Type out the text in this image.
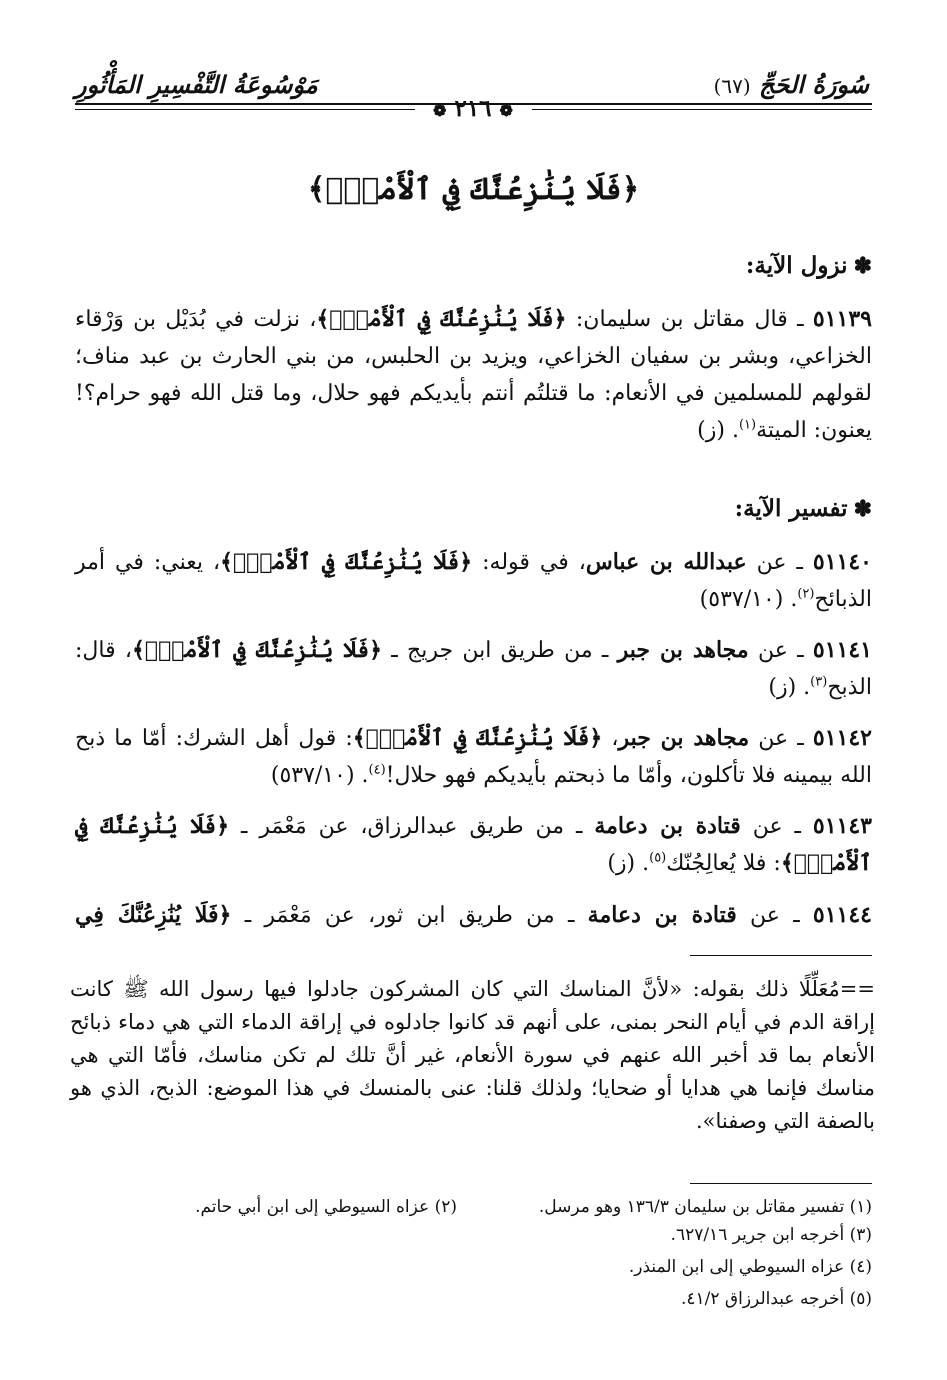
سُورَةُ الحَجِّ (٦٧)
مَوْسُوعَةُ التَّفْسِيرِ المَأْثُورِ
❁ ٢١٦ ❁
﴿فَلَا يُنَٰزِعُنَّكَ فِي ٱلْأَمْرِۚ﴾
✽نزول الآية:
٥١١٣٩ ـ قال مقاتل بن سليمان: ﴿فَلَا يُنَٰزِعُنَّكَ فِي ٱلْأَمْرِۚ﴾، نزلت في بُدَيْل بن وَرْقاء الخزاعي، وبشر بن سفيان الخزاعي، ويزيد بن الحلبس، من بني الحارث بن عبد مناف؛ لقولهم للمسلمين في الأنعام: ما قتلتُم أنتم بأيديكم فهو حلال، وما قتل الله فهو حرام؟! يعنون: الميتة$^{(١)}$. (ز)
✽تفسير الآية:
٥١١٤٠ ـ عن عبدالله بن عباس، في قوله: ﴿فَلَا يُنَٰزِعُنَّكَ فِي ٱلْأَمْرِۚ﴾، يعني: في أمر الذبائح$^{(٢)}$. (٥٣٧/١٠)
٥١١٤١ ـ عن مجاهد بن جبر ـ من طريق ابن جريج ـ ﴿فَلَا يُنَٰزِعُنَّكَ فِي ٱلْأَمْرِۚ﴾، قال: الذبح$^{(٣)}$. (ز)
٥١١٤٢ ـ عن مجاهد بن جبر، ﴿فَلَا يُنَٰزِعُنَّكَ فِي ٱلْأَمْرِۚ﴾: قول أهل الشرك: أمّا ما ذبح الله بيمينه فلا تأكلون، وأمّا ما ذبحتم بأيديكم فهو حلال!$^{(٤)}$. (٥٣٧/١٠)
٥١١٤٣ ـ عن قتادة بن دعامة ـ من طريق عبدالرزاق، عن مَعْمَر ـ ﴿فَلَا يُنَٰزِعُنَّكَ فِي ٱلْأَمْرِۚ﴾: فلا يُعالِجُنّك$^{(٥)}$. (ز)
٥١١٤٤ ـ عن قتادة بن دعامة ـ من طريق ابن ثور، عن مَعْمَر ـ ﴿فَلَا يُنَٰزِعُنَّكَ فِي
==مُعَلِّلًا ذلك بقوله: «لأنَّ المناسك التي كان المشركون جادلوا فيها رسول الله ﷺ كانت إراقة الدم في أيام النحر بمنى، على أنهم قد كانوا جادلوه في إراقة الدماء التي هي دماء ذبائح الأنعام بما قد أخبر الله عنهم في سورة الأنعام، غير أنَّ تلك لم تكن مناسك، فأمّا التي هي مناسك فإنما هي هدايا أو ضحايا؛ ولذلك قلنا: عنى بالمنسك في هذا الموضع: الذبح، الذي هو بالصفة التي وصفنا».
(١) تفسير مقاتل بن سليمان ١٣٦/٣ وهو مرسل.
(٢) عزاه السيوطي إلى ابن أبي حاتم.
(٣) أخرجه ابن جرير ٦٢٧/١٦.
(٤) عزاه السيوطي إلى ابن المنذر.
(٥) أخرجه عبدالرزاق ٤١/٢.
